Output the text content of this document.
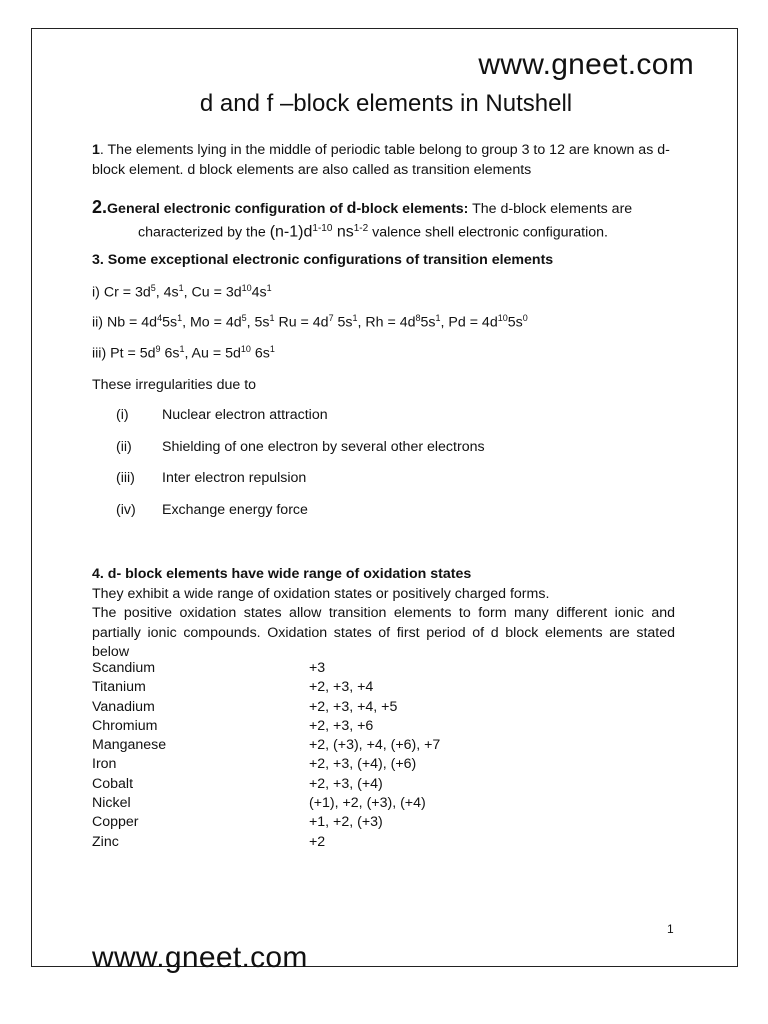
www.gneet.com
d and f –block elements in Nutshell
1. The elements lying in the middle of periodic table belong to group 3 to 12 are known as d-block element. d block elements are also called as transition elements
2.General electronic configuration of d-block elements: The d-block elements are
characterized by the $(n-1)d^{1-10}$ $ns^{1-2}$ valence shell electronic configuration.
3. Some exceptional electronic configurations of transition elements
i) $Cr = 3d^5$, $4s^1$, $Cu = 3d^{10}4s^1$
ii) $Nb = 4d^45s^1$, $Mo = 4d^5$, $5s^1$ $Ru = 4d^7$ $5s^1$, $Rh = 4d^85s^1$, $Pd = 4d^{10}5s^0$
iii) $Pt = 5d^9$ $6s^1$, $Au = 5d^{10}$ $6s^1$
These irregularities due to
(i) Nuclear electron attraction
(ii) Shielding of one electron by several other electrons
(iii) Inter electron repulsion
(iv) Exchange energy force
4. d- block elements have wide range of oxidation states
They exhibit a wide range of oxidation states or positively charged forms.
The positive oxidation states allow transition elements to form many different ionic and partially ionic compounds. Oxidation states of first period of d block elements are stated below
Scandium	+3
Titanium	+2, +3, +4
Vanadium	+2, +3, +4, +5
Chromium	+2, +3, +6
Manganese	+2, (+3), +4, (+6), +7
Iron	+2, +3, (+4), (+6)
Cobalt	+2, +3, (+4)
Nickel	(+1), +2, (+3), (+4)
Copper	+1, +2, (+3)
Zinc	+2
1
www.gneet.com
